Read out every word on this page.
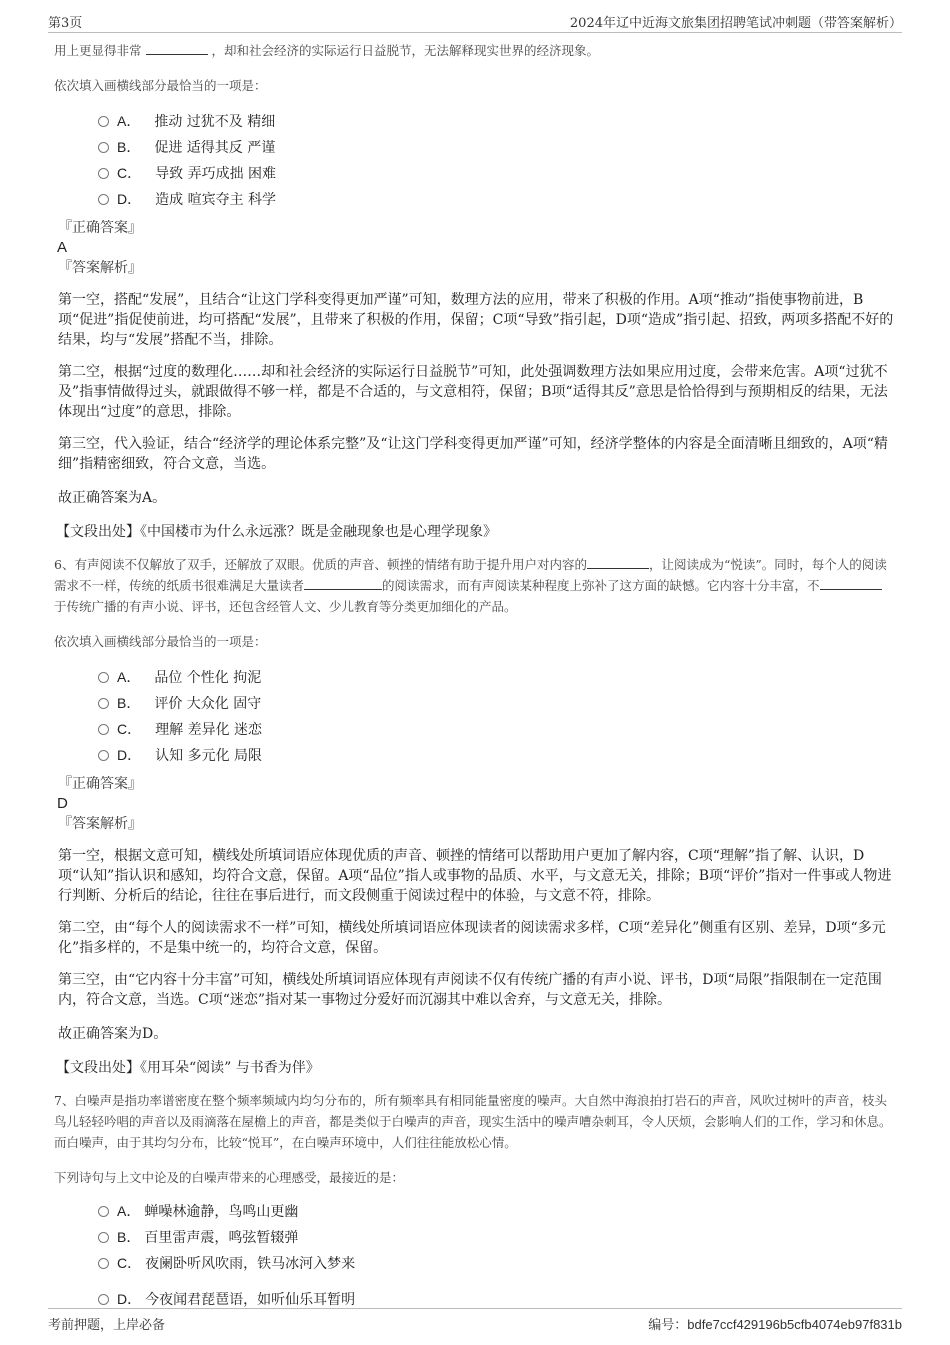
第3页	2024年辽中近海文旅集团招聘笔试冲刺题（带答案解析）

用上更显得非常	，却和社会经济的实际运行日益脱节，无法解释现实世界的经济现象。

依次填入画横线部分最恰当的一项是：

A． 推动 过犹不及 精细
B． 促进 适得其反 严谨
C． 导致 弄巧成拙 困难
D． 造成 喧宾夺主 科学

『正确答案』

A

『答案解析』

第一空，搭配“发展”，且结合“让这门学科变得更加严谨”可知，数理方法的应用，带来了积极的作用。A项“推动”指使事物前进，B项“促进”指促使前进，均可搭配“发展”，且带来了积极的作用，保留；C项“导致”指引起，D项“造成”指引起、招致，两项多搭配不好的结果，均与“发展”搭配不当，排除。

第二空，根据“过度的数理化……却和社会经济的实际运行日益脱节”可知，此处强调数理方法如果应用过度，会带来危害。A项“过犹不及”指事情做得过头，就跟做得不够一样，都是不合适的，与文意相符，保留；B项“适得其反”意思是恰恰得到与预期相反的结果，无法体现出“过度”的意思，排除。

第三空，代入验证，结合“经济学的理论体系完整”及“让这门学科变得更加严谨”可知，经济学整体的内容是全面清晰且细致的，A项“精细”指精密细致，符合文意，当选。

故正确答案为A。

【文段出处】《中国楼市为什么永远涨？既是金融现象也是心理学现象》

6、有声阅读不仅解放了双手，还解放了双眼。优质的声音、顿挫的情绪有助于提升用户对内容的	，让阅读成为“悦读”。同时，每个人的阅读需求不一样，传统的纸质书很难满足大量读者	的阅读需求，而有声阅读某种程度上弥补了这方面的缺憾。它内容十分丰富，不于传统广播的有声小说、评书，还包含经管人文、少儿教育等分类更加细化的产品。

依次填入画横线部分最恰当的一项是：

A． 品位 个性化 拘泥
B． 评价 大众化 固守
C． 理解 差异化 迷恋
D． 认知 多元化 局限

『正确答案』

D

『答案解析』

第一空，根据文意可知，横线处所填词语应体现优质的声音、顿挫的情绪可以帮助用户更加了解内容，C项“理解”指了解、认识，D项“认知”指认识和感知，均符合文意，保留。A项“品位”指人或事物的品质、水平，与文意无关，排除；B项“评价”指对一件事或人物进行判断、分析后的结论，往往在事后进行，而文段侧重于阅读过程中的体验，与文意不符，排除。

第二空，由“每个人的阅读需求不一样”可知，横线处所填词语应体现读者的阅读需求多样，C项“差异化”侧重有区别、差异，D项“多元化”指多样的，不是集中统一的，均符合文意，保留。

第三空，由“它内容十分丰富”可知，横线处所填词语应体现有声阅读不仅有传统广播的有声小说、评书，D项“局限”指限制在一定范围内，符合文意，当选。C项“迷恋”指对某一事物过分爱好而沉溺其中难以舍弃，与文意无关，排除。

故正确答案为D。

【文段出处】《用耳朵“阅读” 与书香为伴》

7、白噪声是指功率谱密度在整个频率频域内均匀分布的，所有频率具有相同能量密度的噪声。大自然中海浪拍打岩石的声音，风吹过树叶的声音，枝头鸟儿轻轻吟唱的声音以及雨滴落在屋檐上的声音，都是类似于白噪声的声音，现实生活中的噪声嘈杂刺耳，令人厌烦，会影响人们的工作，学习和休息。而白噪声，由于其均匀分布，比较“悦耳”，在白噪声环境中，人们往往能放松心情。

下列诗句与上文中论及的白噪声带来的心理感受，最接近的是：

A． 蝉噪林逾静，鸟鸣山更幽
B． 百里雷声震，鸣弦暂辍弹
C． 夜阑卧听风吹雨，铁马冰河入梦来
D． 今夜闻君琵琶语，如听仙乐耳暂明
考前押题，上岸必备	编号：bdfe7ccf429196b5cfb4074eb97f831b
